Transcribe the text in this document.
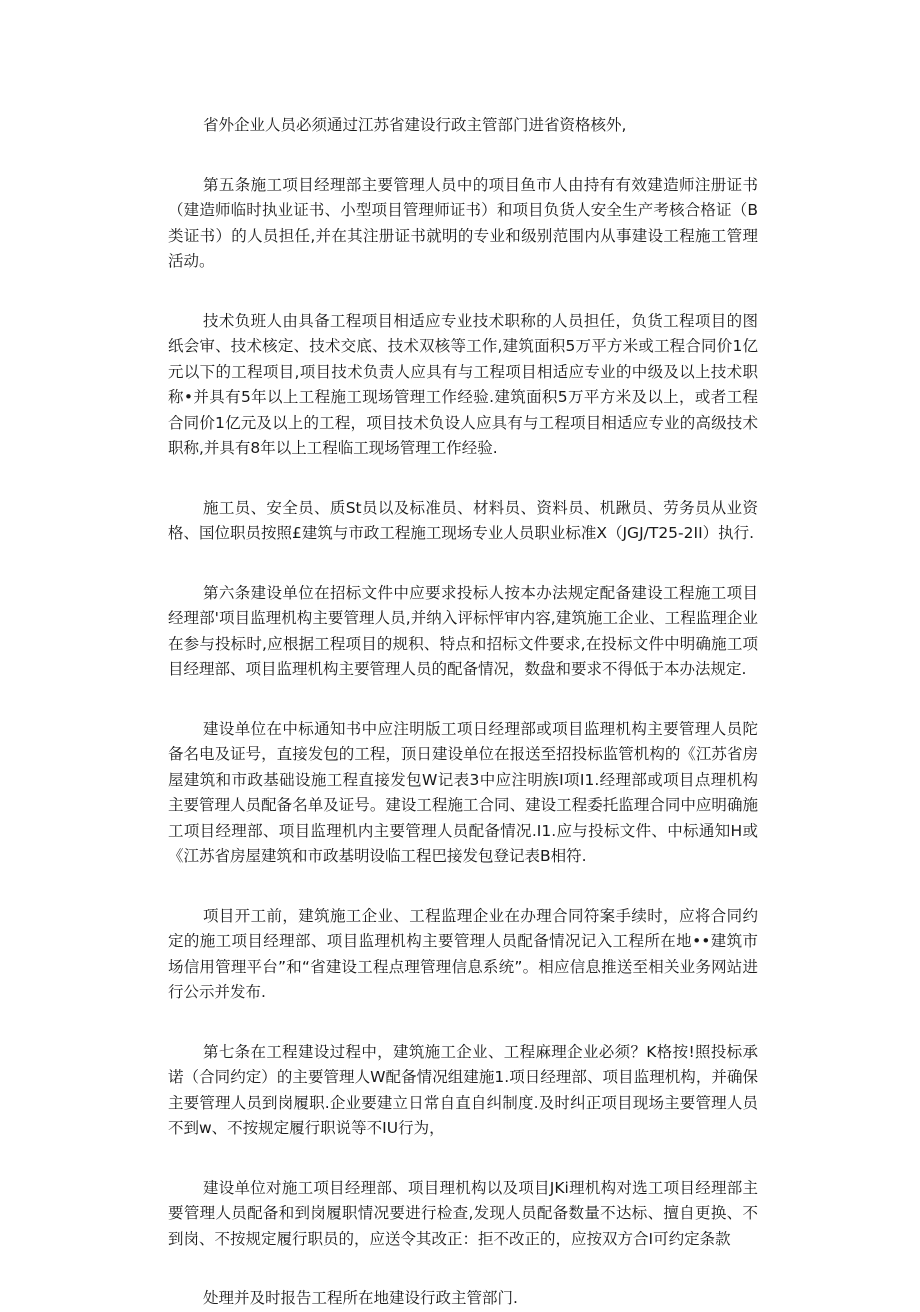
省外企业人员必须通过江苏省建设行政主管部门进省资格核外,

第五条施工项目经理部主要管理人员中的项目鱼市人由持有有效建造师注册证书（建造师临时执业证书、小型项目管理师证书）和项目负货人安全生产考核合格证（B类证书）的人员担任,并在其注册证书就明的专业和级别范围内从事建设工程施工管理活动。

技术负班人由具备工程项目相适应专业技术职称的人员担任，负货工程项目的图纸会审、技术核定、技术交底、技术双核等工作,建筑面积5万平方米或工程合同价1亿元以下的工程项目,项目技术负责人应具有与工程项目相适应专业的中级及以上技术职称•并具有5年以上工程施工现场管理工作经验.建筑面积5万平方米及以上，或者工程合同价1亿元及以上的工程，项目技术负设人应具有与工程项目相适应专业的高级技术职称,并具有8年以上工程临工现场管理工作经验.

施工员、安全员、质St员以及标准员、材料员、资料员、机踿员、劳务员从业资格、国位职员按照£建筑与市政工程施工现场专业人员职业标准X（JGJ/T25-2II）执行.

第六条建设单位在招标文件中应要求投标人按本办法规定配备建设工程施工项目经理部'项目监理机构主要管理人员,并纳入评标怦审内容,建筑施工企业、工程监理企业在参与投标时,应根据工程项目的规积、特点和招标文件要求,在投标文件中明确施工项目经理部、项目监理机构主要管理人员的配备情况，数盘和要求不得低于本办法规定.

建设单位在中标通知书中应注明版工项日经理部或项目监理机构主要管理人员陀备名电及证号，直接发包的工程，顶日建设单位在报送至招投标监管机构的《江苏省房屋建筑和市政基础设施工程直接发包W记表3中应注明族I项I1.经理部或项目点理机构主要管理人员配备名单及证号。建设工程施工合同、建设工程委托监理合同中应明确施工项目经理部、项目监理机内主要管理人员配备情况.I1.应与投标文件、中标通知H或《江苏省房屋建筑和市政基明设临工程巴接发包登记表B相符.

项目开工前，建筑施工企业、工程监理企业在办理合同符案手续时，应将合同约定的施工项目经理部、项目监理机构主要管理人员配备情况记入工程所在地••建筑市场信用管理平台”和“省建设工程点理管理信息系统”。相应信息推送至相关业务网站进行公示并发布.

第七条在工程建设过程中，建筑施工企业、工程麻理企业必须？K格按!照投标承诺（合同约定）的主要管理人W配备情况组建施1.项日经理部、项目监理机构，并确保主要管理人员到岗履职.企业要建立日常自直自纠制度.及时纠正项目现场主要管理人员不到w、不按规定履行职说等不IU行为，

建设单位对施工项目经理部、项目理机构以及项目JKi理机构对选工项目经理部主要管理人员配备和到岗履职情况要进行检查,发现人员配备数量不达标、擅自更换、不到岗、不按规定履行职员的，应送令其改正：拒不改正的，应按双方合I可约定条款

处理并及时报告工程所在地建设行政主管部门.
